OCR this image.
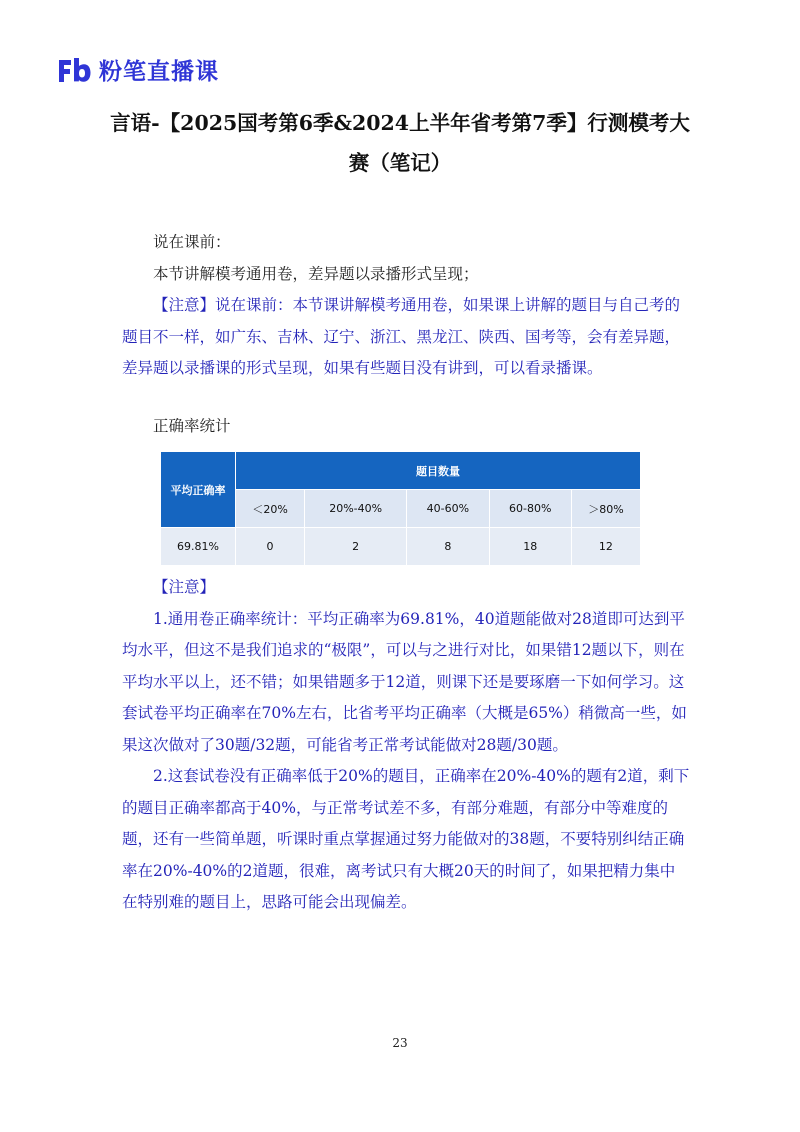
粉笔直播课
言语-【2025国考第6季&2024上半年省考第7季】行测模考大
赛（笔记）

说在课前：

本节讲解模考通用卷，差异题以录播形式呈现；

【注意】说在课前：本节课讲解模考通用卷，如果课上讲解的题目与自己考的题目不一样，如广东、吉林、辽宁、浙江、黑龙江、陕西、国考等，会有差异题，差异题以录播课的形式呈现，如果有些题目没有讲到，可以看录播课。

正确率统计

平均正确率	题目数量				
	＜20%	20%-40%	40-60%	60-80%	＞80%
69.81%	0	2	8	18	12

【注意】

1.通用卷正确率统计：平均正确率为69.81%，40道题能做对28道即可达到平均水平，但这不是我们追求的“极限”，可以与之进行对比，如果错12题以下，则在平均水平以上，还不错；如果错题多于12道，则课下还是要琢磨一下如何学习。这套试卷平均正确率在70%左右，比省考平均正确率（大概是65%）稍微高一些，如果这次做对了30题/32题，可能省考正常考试能做对28题/30题。

2.这套试卷没有正确率低于20%的题目，正确率在20%-40%的题有2道，剩下的题目正确率都高于40%，与正常考试差不多，有部分难题，有部分中等难度的题，还有一些简单题，听课时重点掌握通过努力能做对的38题，不要特别纠结正确率在20%-40%的2道题，很难，离考试只有大概20天的时间了，如果把精力集中在特别难的题目上，思路可能会出现偏差。

23
